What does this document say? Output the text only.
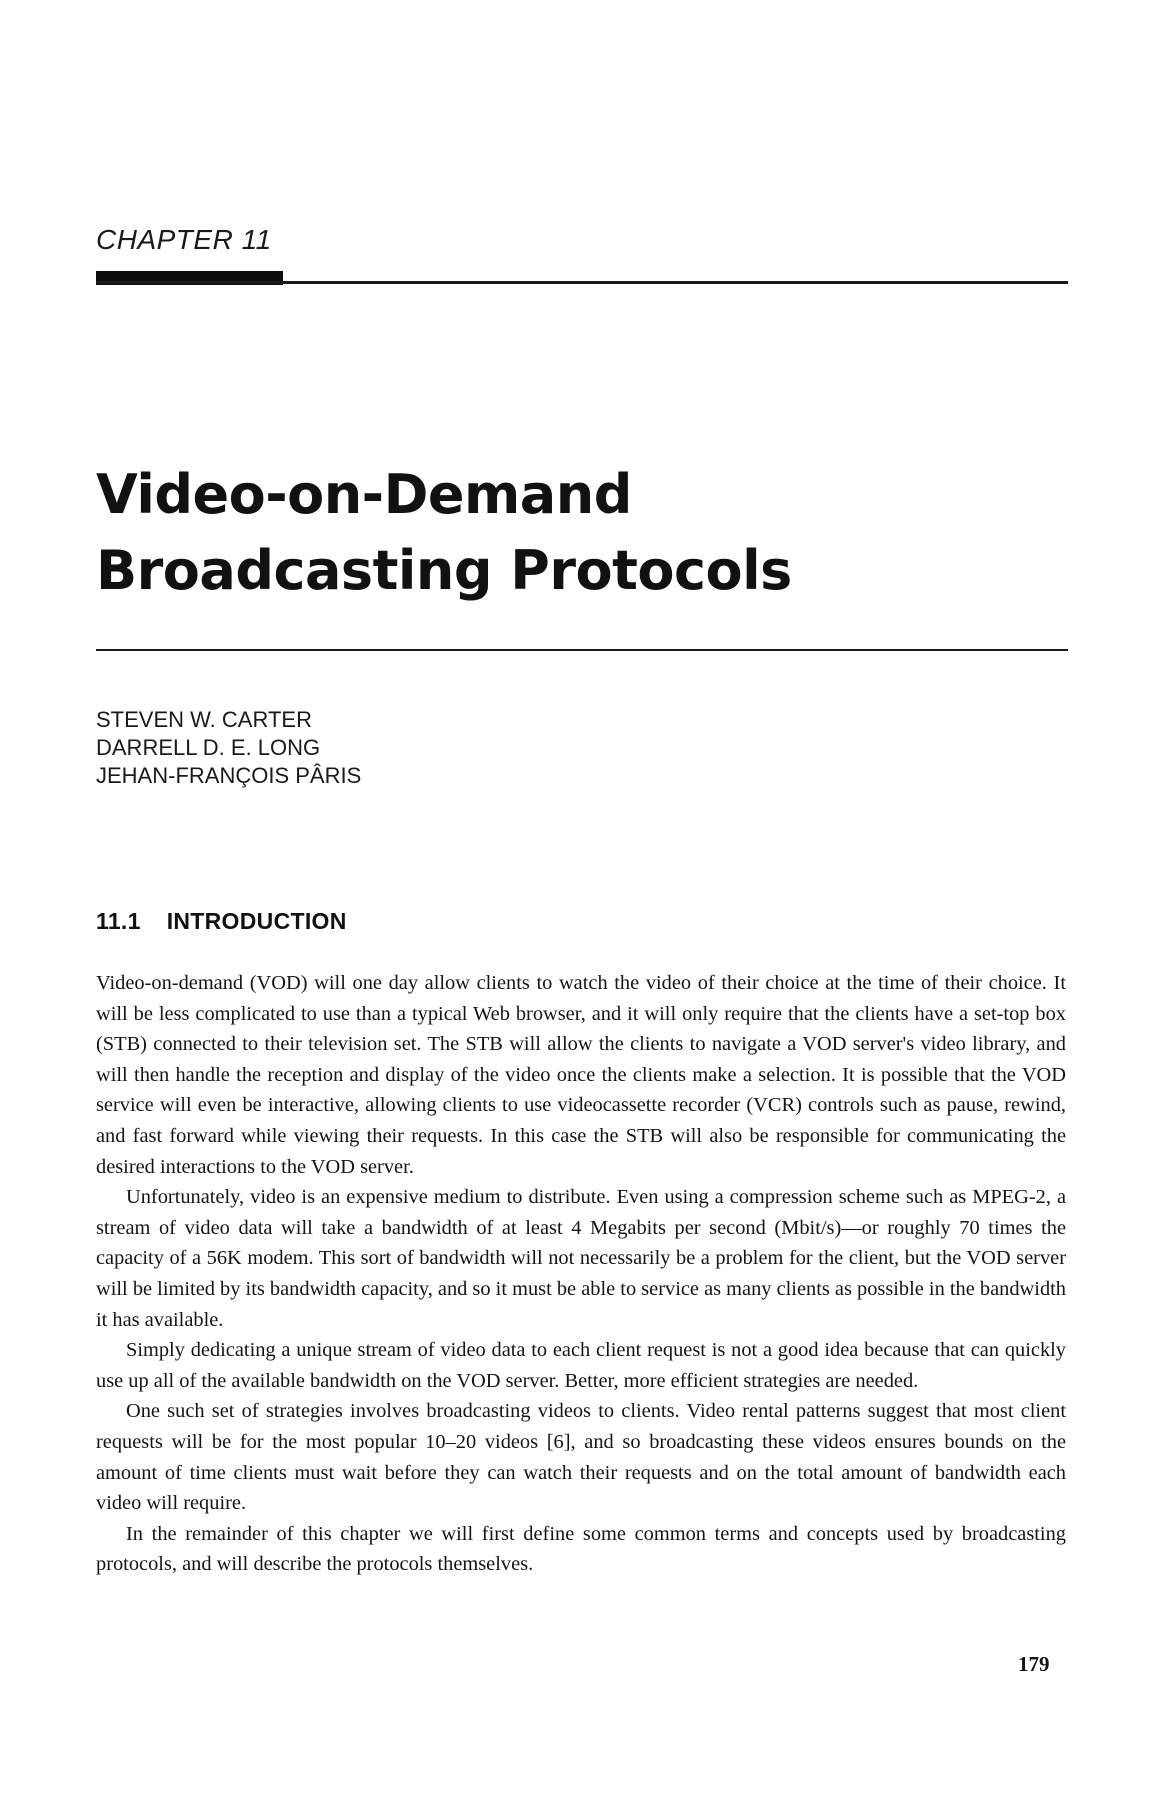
CHAPTER 11
Video-on-Demand
Broadcasting Protocols
STEVEN W. CARTER
DARRELL D. E. LONG
JEHAN-FRANÇOIS PÂRIS
11.1 INTRODUCTION

Video-on-demand (VOD) will one day allow clients to watch the video of their choice at the time of their choice. It will be less complicated to use than a typical Web browser, and it will only require that the clients have a set-top box (STB) connected to their television set. The STB will allow the clients to navigate a VOD server's video library, and will then handle the reception and display of the video once the clients make a selection. It is possible that the VOD service will even be interactive, allowing clients to use videocassette recorder (VCR) controls such as pause, rewind, and fast forward while viewing their requests. In this case the STB will also be responsible for communicating the desired interactions to the VOD server.

Unfortunately, video is an expensive medium to distribute. Even using a compression scheme such as MPEG-2, a stream of video data will take a bandwidth of at least 4 Megabits per second (Mbit/s)—or roughly 70 times the capacity of a 56K modem. This sort of bandwidth will not necessarily be a problem for the client, but the VOD server will be limited by its bandwidth capacity, and so it must be able to service as many clients as possible in the bandwidth it has available.

Simply dedicating a unique stream of video data to each client request is not a good idea because that can quickly use up all of the available bandwidth on the VOD server. Better, more efficient strategies are needed.

One such set of strategies involves broadcasting videos to clients. Video rental patterns suggest that most client requests will be for the most popular 10–20 videos [6], and so broadcasting these videos ensures bounds on the amount of time clients must wait before they can watch their requests and on the total amount of bandwidth each video will require.

In the remainder of this chapter we will first define some common terms and concepts used by broadcasting protocols, and will describe the protocols themselves.

179
